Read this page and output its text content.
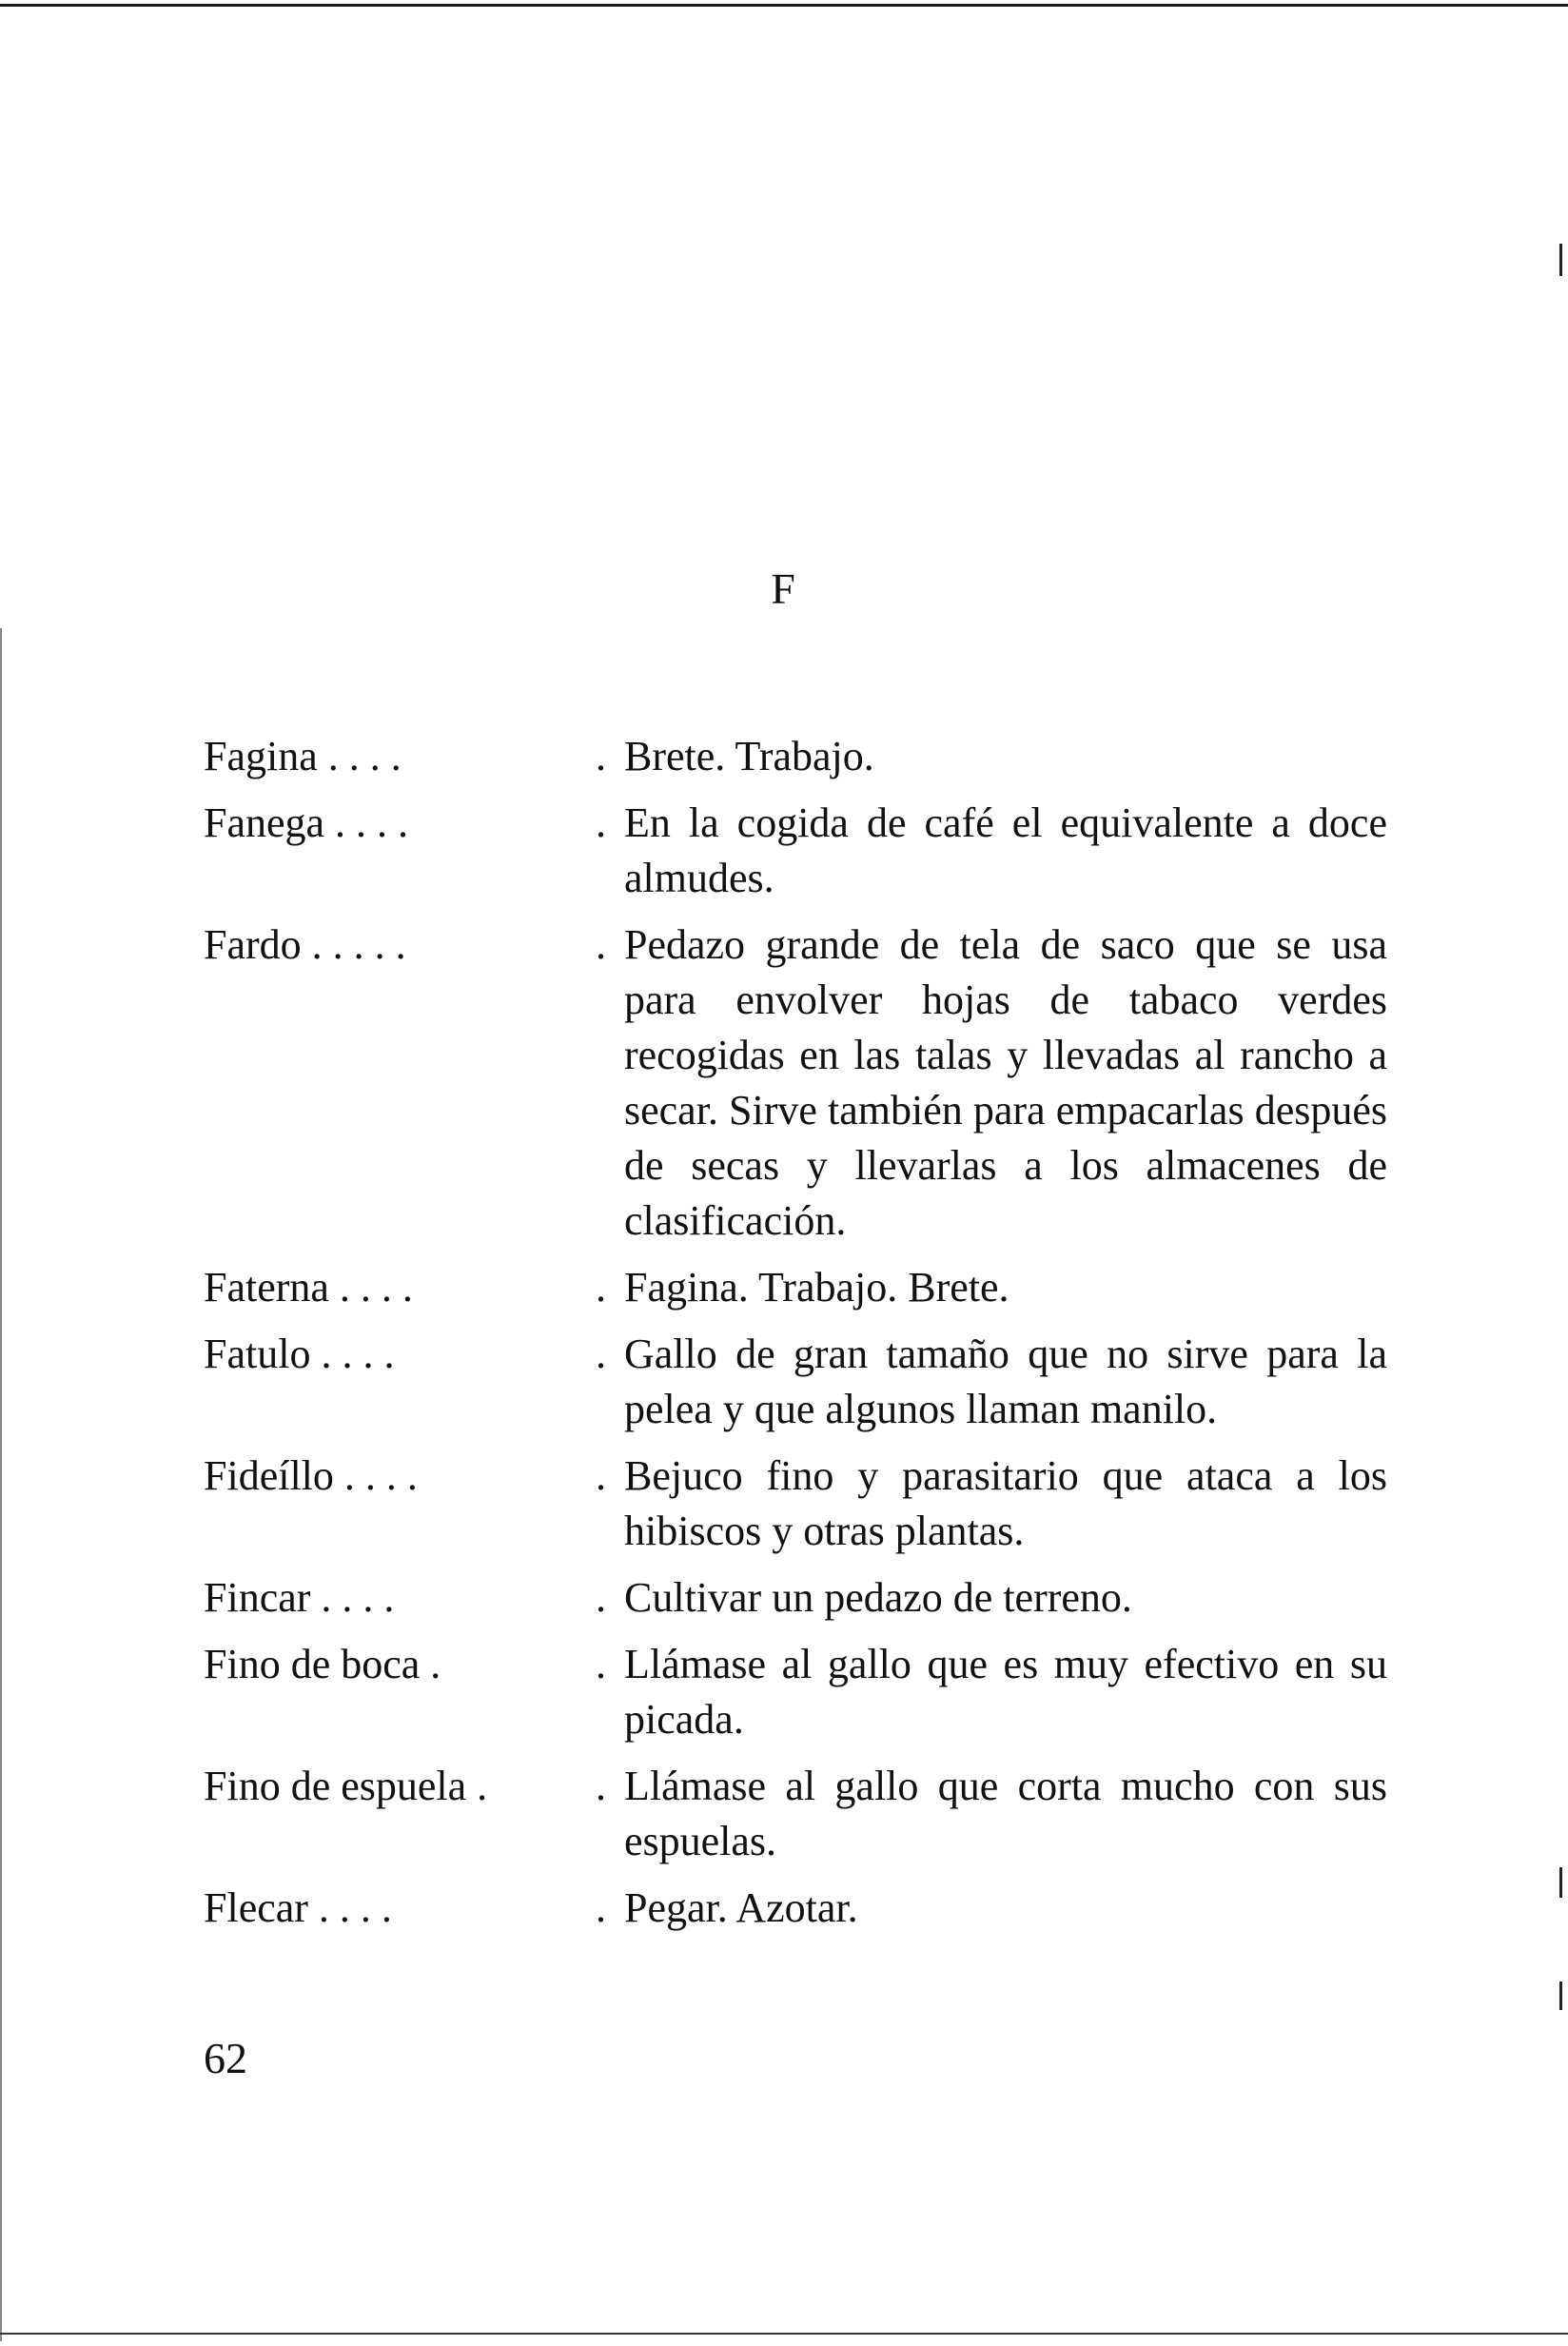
F
Fagina . . . .	. Brete. Trabajo.
Fanega . . . .	. En la cogida de café el equivalente a doce almudes.
Fardo . . . . .	. Pedazo grande de tela de saco que se usa para envolver hojas de tabaco verdes recogidas en las talas y llevadas al rancho a secar. Sirve también para empacarlas después de secas y llevarlas a los almacenes de clasificación.
Faterna . . . .	. Fagina. Trabajo. Brete.
Fatulo . . . .	. Gallo de gran tamaño que no sirve para la pelea y que algunos llaman manilo.
Fideíllo . . . .	. Bejuco fino y parasitario que ataca a los hibiscos y otras plantas.
Fincar . . . .	. Cultivar un pedazo de terreno.
Fino de boca .	. Llámase al gallo que es muy efectivo en su picada.
Fino de espuela .	. Llámase al gallo que corta mucho con sus espuelas.
Flecar . . . .	. Pegar. Azotar.
62
